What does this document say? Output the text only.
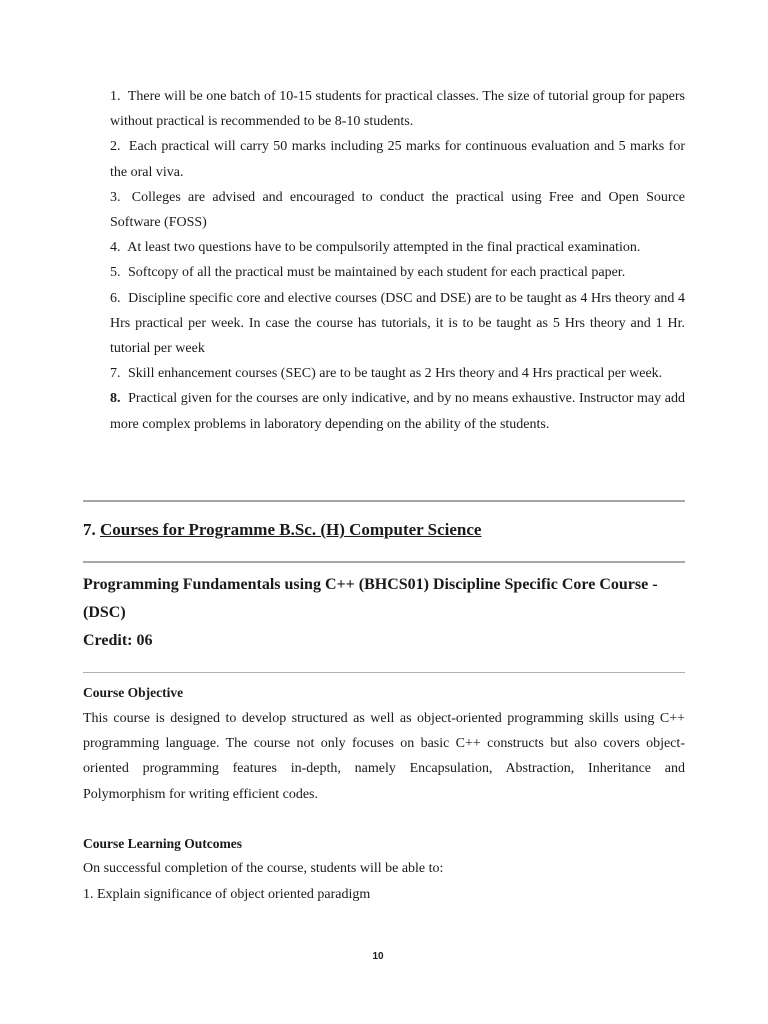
1. There will be one batch of 10-15 students for practical classes. The size of tutorial group for papers without practical is recommended to be 8-10 students.
2. Each practical will carry 50 marks including 25 marks for continuous evaluation and 5 marks for the oral viva.
3. Colleges are advised and encouraged to conduct the practical using Free and Open Source Software (FOSS)
4. At least two questions have to be compulsorily attempted in the final practical examination.
5. Softcopy of all the practical must be maintained by each student for each practical paper.
6. Discipline specific core and elective courses (DSC and DSE) are to be taught as 4 Hrs theory and 4 Hrs practical per week. In case the course has tutorials, it is to be taught as 5 Hrs theory and 1 Hr. tutorial per week
7. Skill enhancement courses (SEC) are to be taught as 2 Hrs theory and 4 Hrs practical per week.
8. Practical given for the courses are only indicative, and by no means exhaustive. Instructor may add more complex problems in laboratory depending on the ability of the students.
7. Courses for Programme B.Sc. (H) Computer Science
Programming Fundamentals using C++ (BHCS01) Discipline Specific Core Course - (DSC)
Credit: 06
Course Objective

This course is designed to develop structured as well as object-oriented programming skills using C++ programming language. The course not only focuses on basic C++ constructs but also covers object-oriented programming features in-depth, namely Encapsulation, Abstraction, Inheritance and Polymorphism for writing efficient codes.

Course Learning Outcomes

On successful completion of the course, students will be able to:

1. Explain significance of object oriented paradigm

10
